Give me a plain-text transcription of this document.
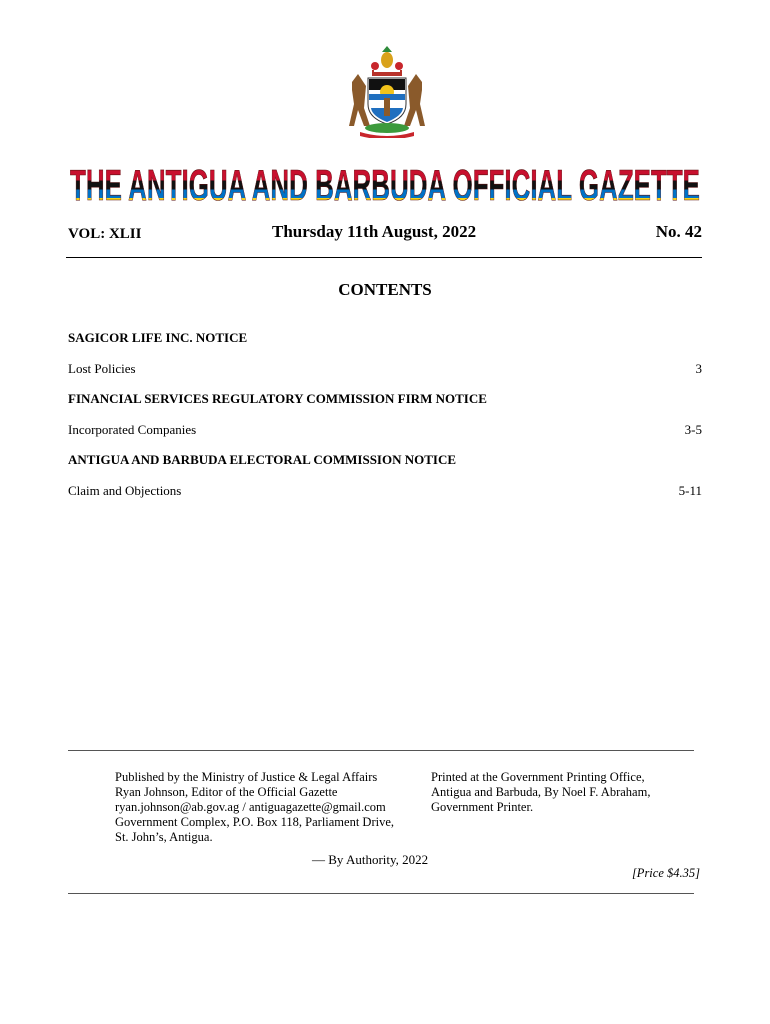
THE ANTIGUA AND BARBUDA OFFICIAL GAZETTE
VOL: XLII	Thursday 11th August, 2022	No. 42
CONTENTS
SAGICOR LIFE INC. NOTICE
Lost Policies	3
FINANCIAL SERVICES REGULATORY COMMISSION FIRM NOTICE
Incorporated Companies	3-5
ANTIGUA AND BARBUDA ELECTORAL COMMISSION NOTICE
Claim and Objections	5-11
Published by the Ministry of Justice & Legal Affairs
Ryan Johnson, Editor of the Official Gazette
ryan.johnson@ab.gov.ag / antiguagazette@gmail.com
Government Complex, P.O. Box 118, Parliament Drive,
St. John’s, Antigua.
Printed at the Government Printing Office,
Antigua and Barbuda, By Noel F. Abraham,
Government Printer.
— By Authority, 2022
[Price $4.35]
